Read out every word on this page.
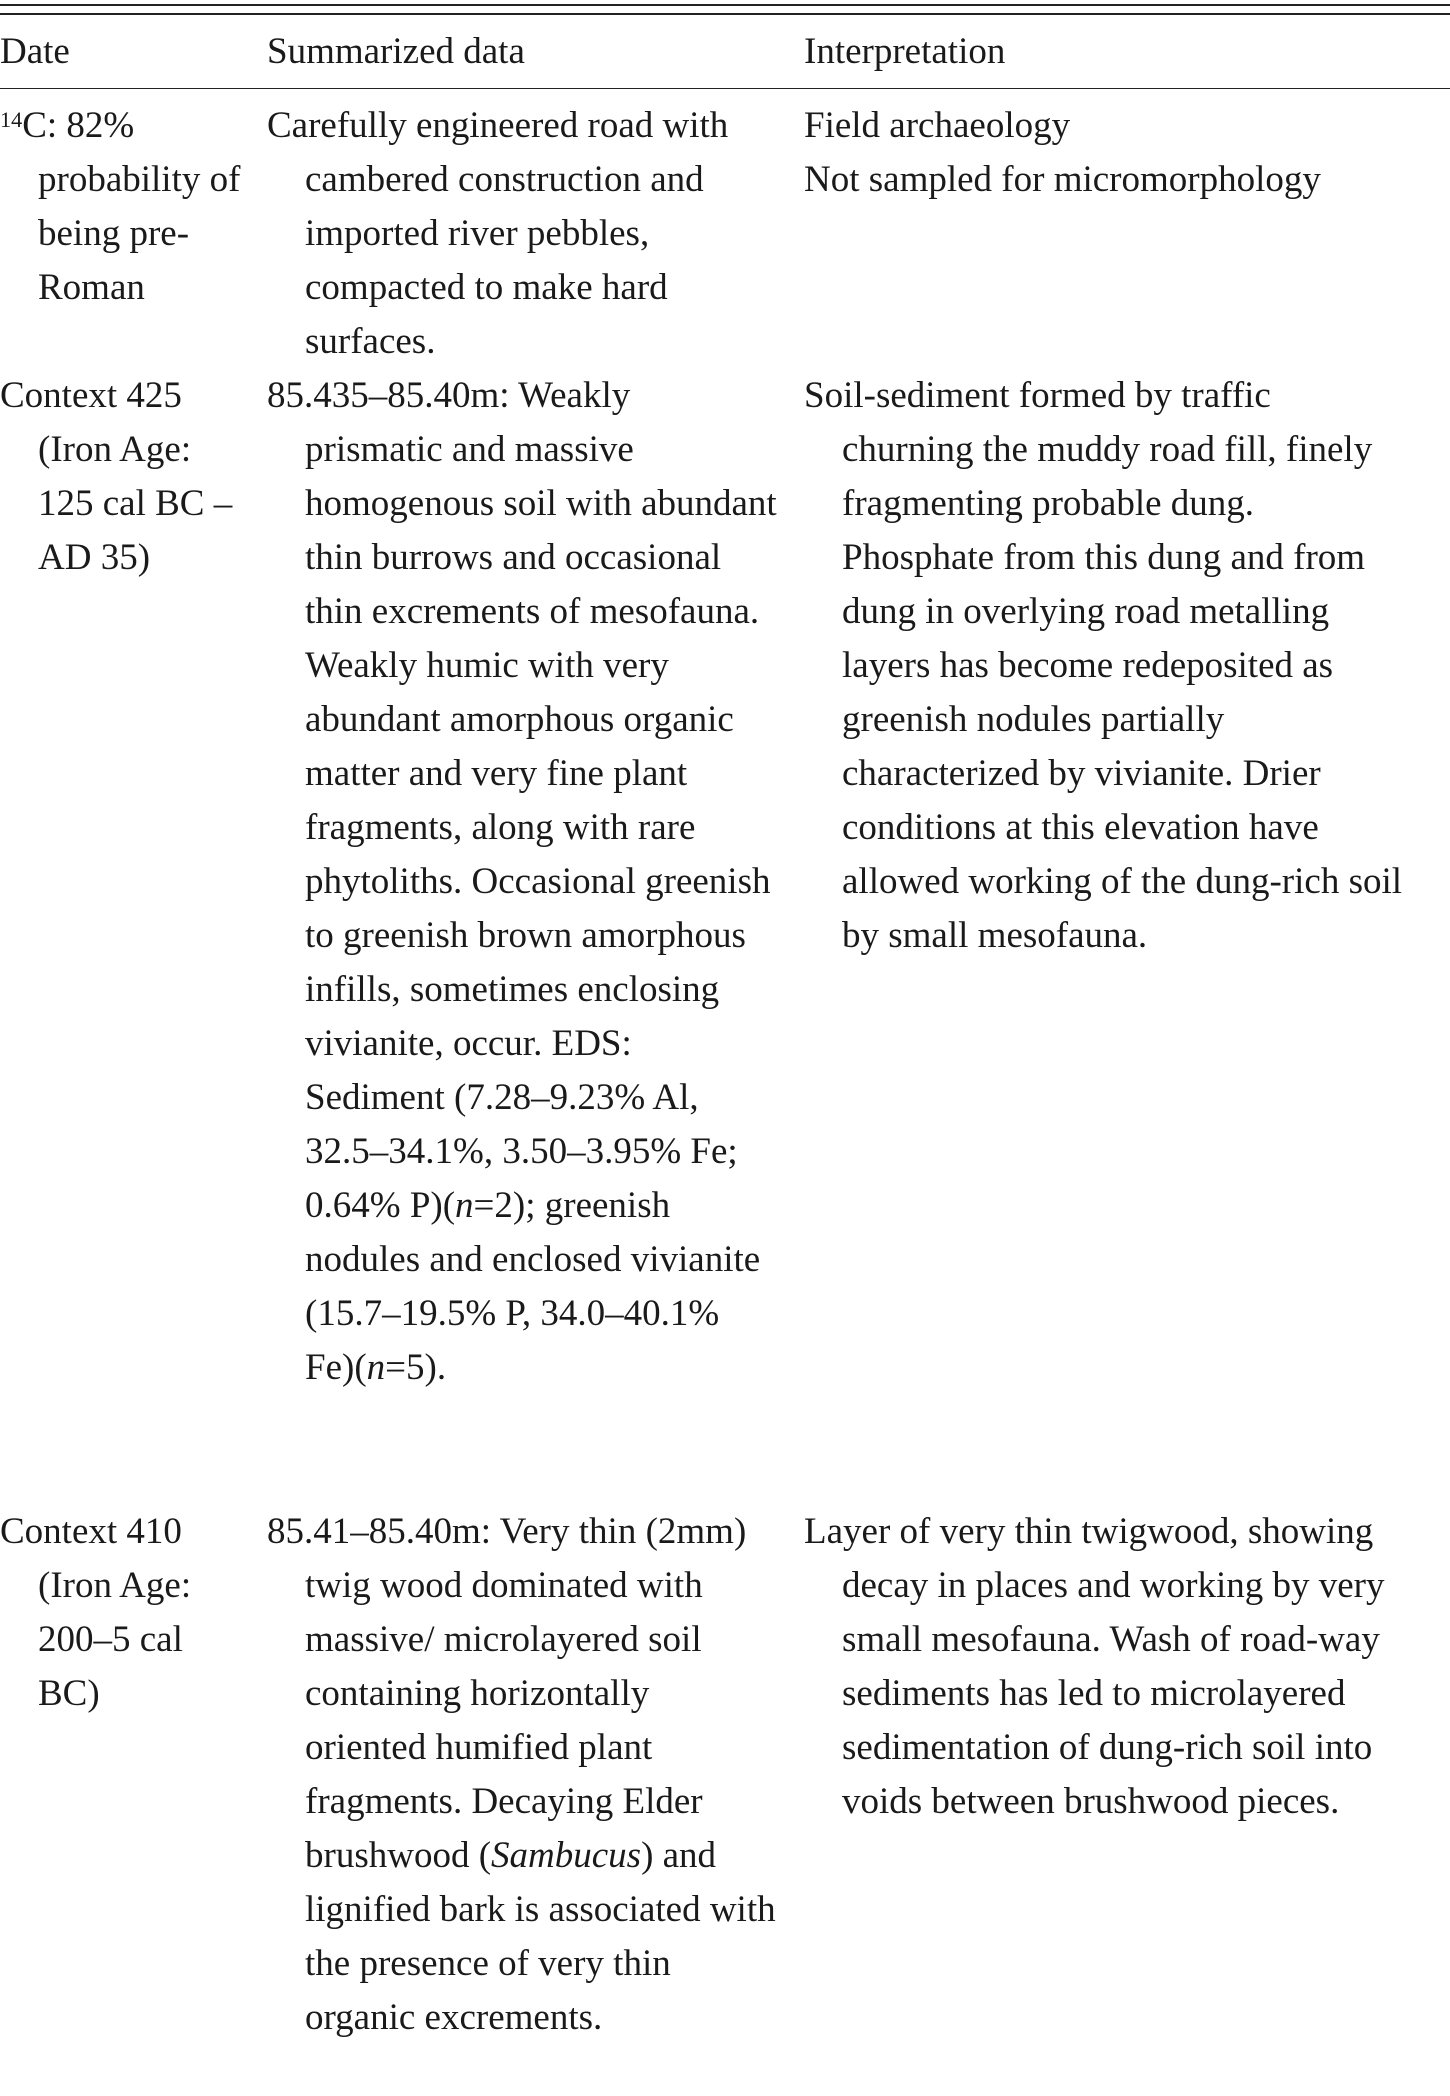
Date	Summarized data	Interpretation

$^{14}$C: 82% probability of being pre-Roman

Carefully engineered road with cambered construction and imported river pebbles, compacted to make hard surfaces.

Field archaeology

Not sampled for micromorphology

Context 425 (Iron Age: 125 cal BC – AD 35)

85.435–85.40m: Weakly prismatic and massive homogenous soil with abundant thin burrows and occasional thin excrements of mesofauna. Weakly humic with very abundant amorphous organic matter and very fine plant fragments, along with rare phytoliths. Occasional greenish to greenish brown amorphous infills, sometimes enclosing vivianite, occur. EDS: Sediment (7.28–9.23% Al, 32.5–34.1%, 3.50–3.95% Fe; 0.64% P)(n=2); greenish nodules and enclosed vivianite (15.7–19.5% P, 34.0–40.1% Fe)(n=5).

Soil-sediment formed by traffic churning the muddy road fill, finely fragmenting probable dung. Phosphate from this dung and from dung in overlying road metalling layers has become redeposited as greenish nodules partially characterized by vivianite. Drier conditions at this elevation have allowed working of the dung-rich soil by small mesofauna.

Context 410 (Iron Age: 200–5 cal BC)

85.41–85.40m: Very thin (2mm) twig wood dominated with massive/ microlayered soil containing horizontally oriented humified plant fragments. Decaying Elder brushwood (Sambucus) and lignified bark is associated with the presence of very thin organic excrements.

Layer of very thin twigwood, showing decay in places and working by very small mesofauna. Wash of road-way sediments has led to microlayered sedimentation of dung-rich soil into voids between brushwood pieces.
